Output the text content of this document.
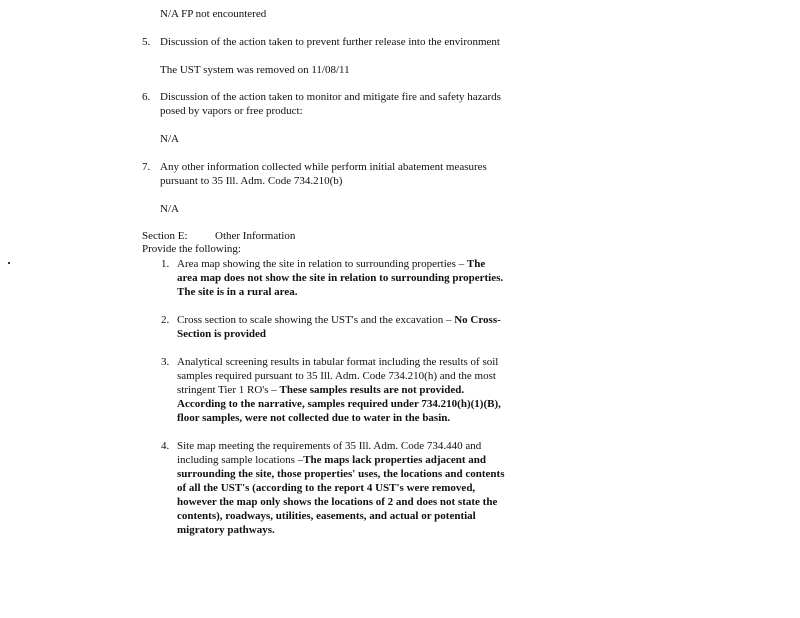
N/A FP not encountered
5. Discussion of the action taken to prevent further release into the environment
The UST system was removed on 11/08/11
6. Discussion of the action taken to monitor and mitigate fire and safety hazards
posed by vapors or free product:
N/A
7. Any other information collected while perform initial abatement measures
pursuant to 35 Ill. Adm. Code 734.210(b)
N/A
Section E: Other Information
Provide the following:
1. Area map showing the site in relation to surrounding properties – The
area map does not show the site in relation to surrounding properties.
The site is in a rural area.
2. Cross section to scale showing the UST's and the excavation – No Cross-
Section is provided
3. Analytical screening results in tabular format including the results of soil
samples required pursuant to 35 Ill. Adm. Code 734.210(h) and the most
stringent Tier 1 RO's – These samples results are not provided.
According to the narrative, samples required under 734.210(h)(1)(B),
floor samples, were not collected due to water in the basin.
4. Site map meeting the requirements of 35 Ill. Adm. Code 734.440 and
including sample locations –The maps lack properties adjacent and
surrounding the site, those properties' uses, the locations and contents
of all the UST's (according to the report 4 UST's were removed,
however the map only shows the locations of 2 and does not state the
contents), roadways, utilities, easements, and actual or potential
migratory pathways.
